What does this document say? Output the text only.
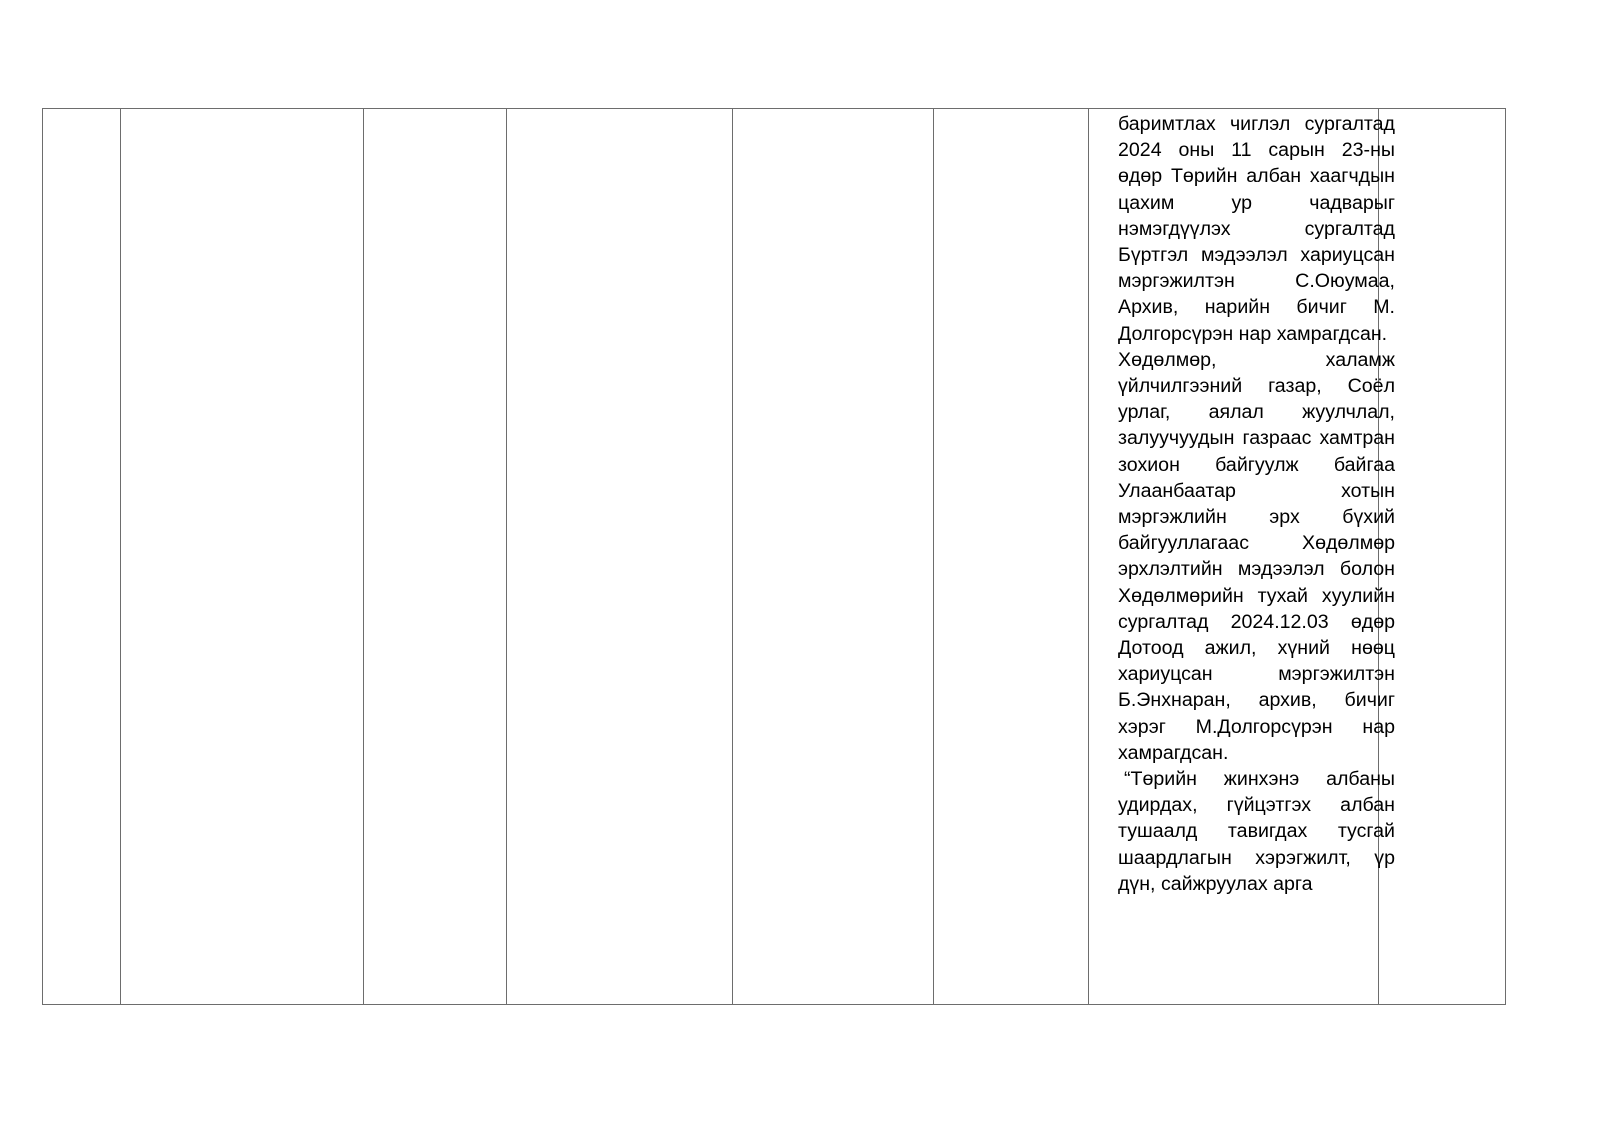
баримтлах чиглэл сургалтад 2024 оны 11 сарын 23-ны өдөр Төрийн албан хаагчдын цахим ур чадварыг нэмэгдүүлэх сургалтад Бүртгэл мэдээлэл хариуцсан мэргэжилтэн С.Оюумаа, Архив, нарийн бичиг М. Долгорсүрэн нар хамрагдсан.

Хөдөлмөр, халамж үйлчилгээний газар, Соёл урлаг, аялал жуулчлал, залуучуудын газраас хамтран зохион байгуулж байгаа Улаанбаатар хотын мэргэжлийн эрх бүхий байгууллагаас Хөдөлмөр эрхлэлтийн мэдээлэл болон Хөдөлмөрийн тухай хуулийн сургалтад 2024.12.03 өдөр Дотоод ажил, хүний нөөц хариуцсан мэргэжилтэн Б.Энхнаран, архив, бичиг хэрэг М.Долгорсүрэн нар хамрагдсан.

“Төрийн жинхэнэ албаны удирдах, гүйцэтгэх албан тушаалд тавигдах тусгай шаардлагын хэрэгжилт, үр дүн, сайжруулах арга
